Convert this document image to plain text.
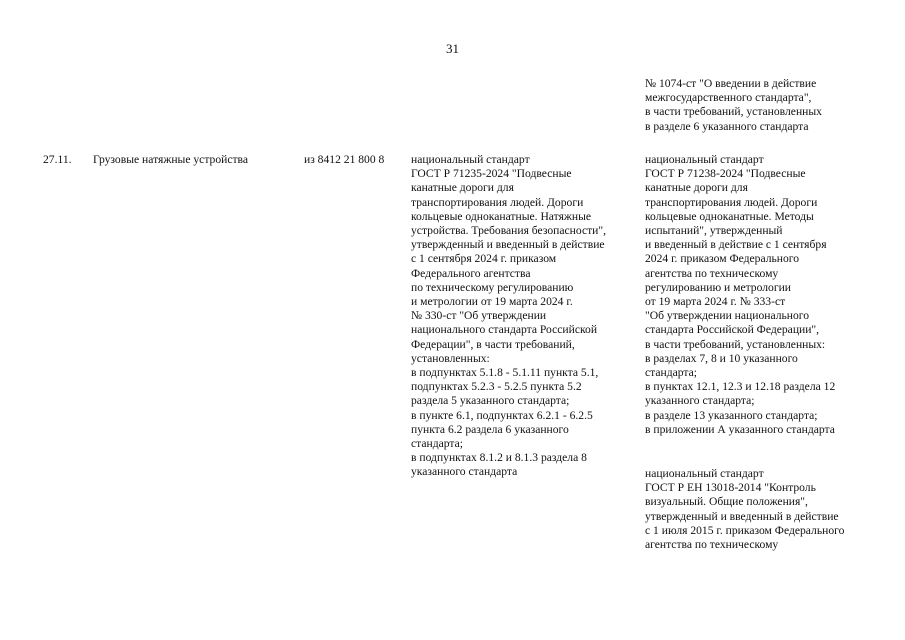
31
№ 1074-ст "О введении в действие
межгосударственного стандарта",
в части требований, установленных
в разделе 6 указанного стандарта
27.11. Грузовые натяжные устройства	из 8412 21 800 8 национальный стандарт
ГОСТ Р 71235-2024 "Подвесные
канатные дороги для
транспортирования людей. Дороги
кольцевые одноканатные. Натяжные
устройства. Требования безопасности",
утвержденный и введенный в действие
с 1 сентября 2024 г. приказом
Федерального агентства
по техническому регулированию
и метрологии от 19 марта 2024 г.
№ 330-ст "Об утверждении
национального стандарта Российской
Федерации", в части требований,
установленных:
в подпунктах 5.1.8 - 5.1.11 пункта 5.1,
подпунктах 5.2.3 - 5.2.5 пункта 5.2
раздела 5 указанного стандарта;
в пункте 6.1, подпунктах 6.2.1 - 6.2.5
пункта 6.2 раздела 6 указанного
стандарта;
в подпунктах 8.1.2 и 8.1.3 раздела 8
указанного стандарта
национальный стандарт
ГОСТ Р 71238-2024 "Подвесные
канатные дороги для
транспортирования людей. Дороги
кольцевые одноканатные. Методы
испытаний", утвержденный
и введенный в действие с 1 сентября
2024 г. приказом Федерального
агентства по техническому
регулированию и метрологии
от 19 марта 2024 г. № 333-ст
"Об утверждении национального
стандарта Российской Федерации",
в части требований, установленных:
в разделах 7, 8 и 10 указанного
стандарта;
в пунктах 12.1, 12.3 и 12.18 раздела 12
указанного стандарта;
в разделе 13 указанного стандарта;
в приложении А указанного стандарта
национальный стандарт
ГОСТ Р ЕН 13018-2014 "Контроль
визуальный. Общие положения",
утвержденный и введенный в действие
с 1 июля 2015 г. приказом Федерального
агентства по техническому
